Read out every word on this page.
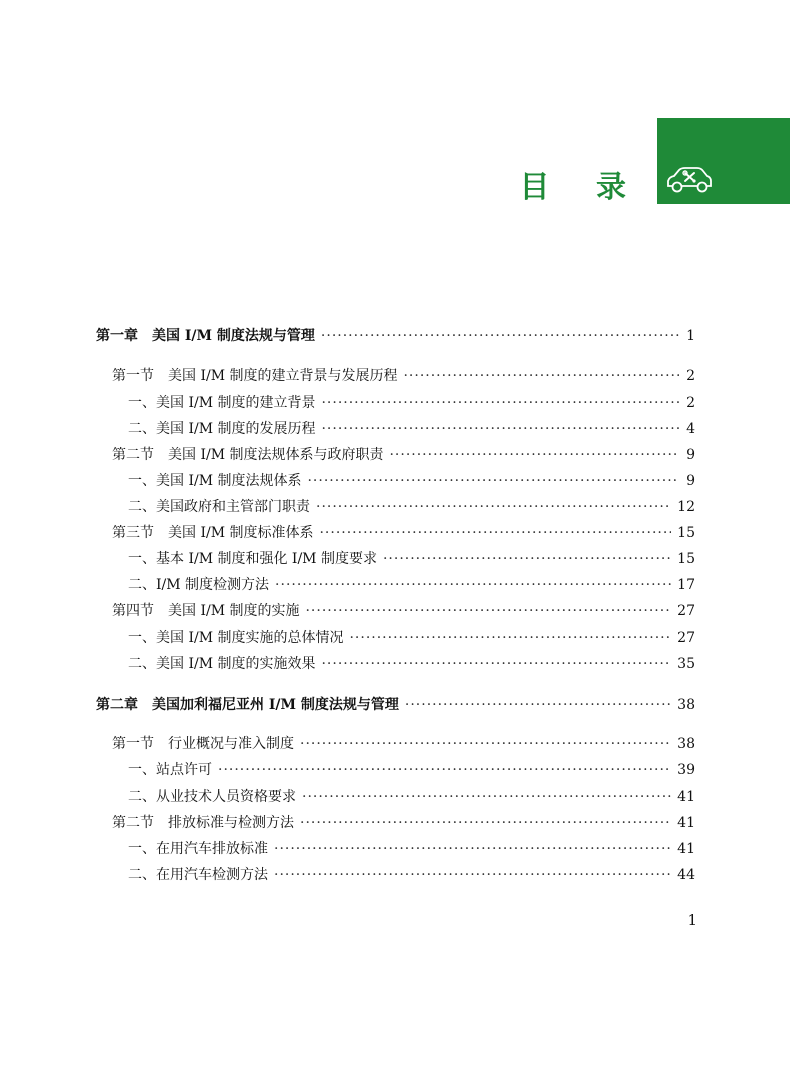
目 录
第一章　美国 I/M 制度法规与管理 ·····	1
第一节　美国 I/M 制度的建立背景与发展历程 ·····	2
一、美国 I/M 制度的建立背景 ·····	2
二、美国 I/M 制度的发展历程 ·····	4
第二节　美国 I/M 制度法规体系与政府职责 ·····	9
一、美国 I/M 制度法规体系 ·····	9
二、美国政府和主管部门职责 ·····	12
第三节　美国 I/M 制度标准体系 ·····	15
一、基本 I/M 制度和强化 I/M 制度要求 ·····	15
二、I/M 制度检测方法 ·····	17
第四节　美国 I/M 制度的实施 ·····	27
一、美国 I/M 制度实施的总体情况 ·····	27
二、美国 I/M 制度的实施效果 ·····	35
第二章　美国加利福尼亚州 I/M 制度法规与管理 ·····	38
第一节　行业概况与准入制度 ·····	38
一、站点许可 ·····	39
二、从业技术人员资格要求 ·····	41
第二节　排放标准与检测方法 ·····	41
一、在用汽车排放标准 ·····	41
二、在用汽车检测方法 ·····	44
1
